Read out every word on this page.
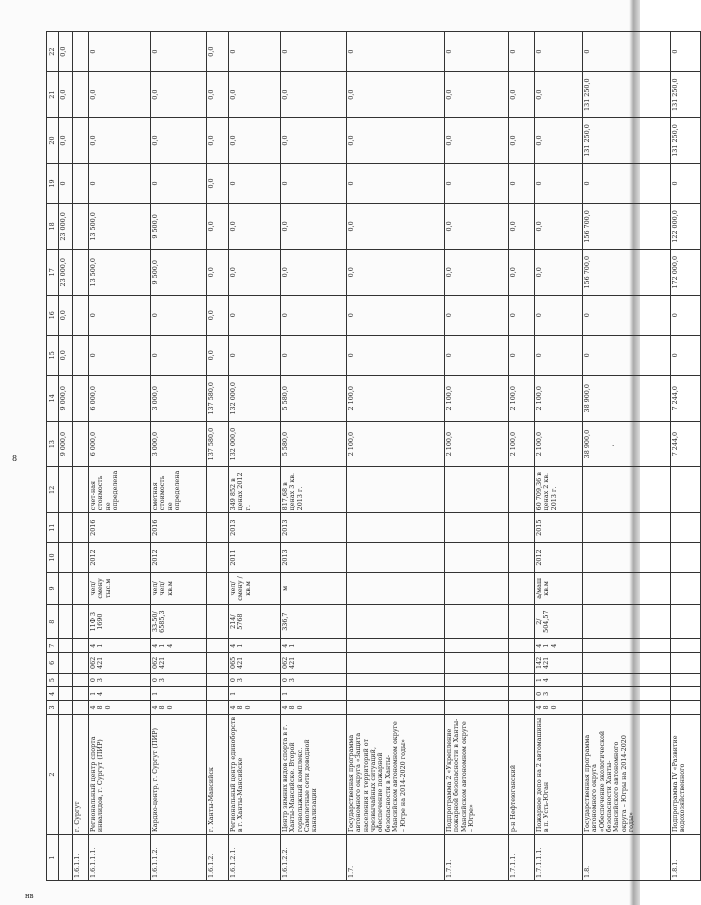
8
нв
.
1	2	3	4	5	6	7	8	9	10	11	12	13	14	15	16	17	18	19	20	21	22
												9 000,0	9 000,0	0,0	0,0	23 000,0	23 000,0	0	0,0	0,0	0,0
1.6.1.1.	г. Сургут																				
1.6.1.1.1.	Региональный центр спорта инвалидов, г. Сургут (ПИР)	4 8 0	1 4	0 3	062 421	4 1	11Ф 3 1690	чел/ смену тыс.м	2012	2016	счет-ная стоимость не определена	6 000,0	6 000,0	0	0	13 500,0	13 500,0	0	0,0	0,0	0
1.6.1.1.2.	Кардио-центр, г. Сургут (ПИР)	4 8 0	1	0 3	062 421	4 1 4	33-50/ 6585,3	чел/ чел/ кв.м	2012	2016	сметная стоимость не определена	3 000,0	3 000,0	0	0	9 500,0	9 500,0	0	0,0	0,0	0
1.6.1.2.	г. Ханты-Мансийск											137 580,0	137 580,0	0,0	0,0	0,0	0,0	0,0	0,0	0,0	0,0
1.6.1.2.1.	Региональный центр единоборств в г. Ханты-Мансийске	4 8 0	1	0 3	065 421	4 1	214/ 5768	чел/ смену / кв.м	2011	2013	349 852 в ценах 2012 г.	132 000,0	132 000,0	0	0	0,0	0,0	0	0,0	0,0	0
1.6.1.2.2.	Центр зимних видов спорта в г. Ханты-Мансийске. Второй горнолыжный комплекс. Самолетные сети доводной канализации	4 8 0	1	0 3	062 421	4 1	336,7	м	2013	2013	817,68 в ценах 3 кв. 2013 г.	5 580,0	5 580,0	0	0	0,0	0,0	0	0,0	0,0	0
1.7.	Государственная программа автономного округа «Защита населения и территорий от чрезвычайных ситуаций, обеспечение пожарной безопасности в Ханты-Мансийском автономном округе – Югре на 2014-2020 годы»											2 100,0	2 100,0	0	0	0,0	0,0	0	0,0	0,0	0
1.7.1.	Подпрограмма 2 «Укрепление пожарной безопасности в Ханты-Мансийском автономном округе – Югре»											2 100,0	2 100,0	0	0	0,0	0,0	0	0,0	0,0	0
1.7.1.1.	р-н Нефтеюганский											2 100,0	2 100,0	0	0	0,0	0,0	0	0,0	0,0	0
1.7.1.1.1.	Пожарное депо на 2 автомашины в п. Усть-Юган	4 8 0	0 3	1 4	142 421	4 1 4	2/ 504,57	а/маш кв.м	2012	2015	60 709,36 в ценах 2 кв. 2013 г.	2 100,0	2 100,0	0	0	0,0	0,0	0	0,0	0,0	0
1.8.	Государственная программа автономного округа «Обеспечение экологической безопасности Ханты-Мансийского автономного округа – Югры на 2014-2020 годы»											38 900,0	38 900,0	0	0	156 700,0	156 700,0	0	131 250,0	131 250,0	0
1.8.1.	Подпрограмма IV «Развитие водохозяйственного											7 244,0	7 244,0	0	0	172 000,0	122 000,0	0	131 250,0	131 250,0	0
